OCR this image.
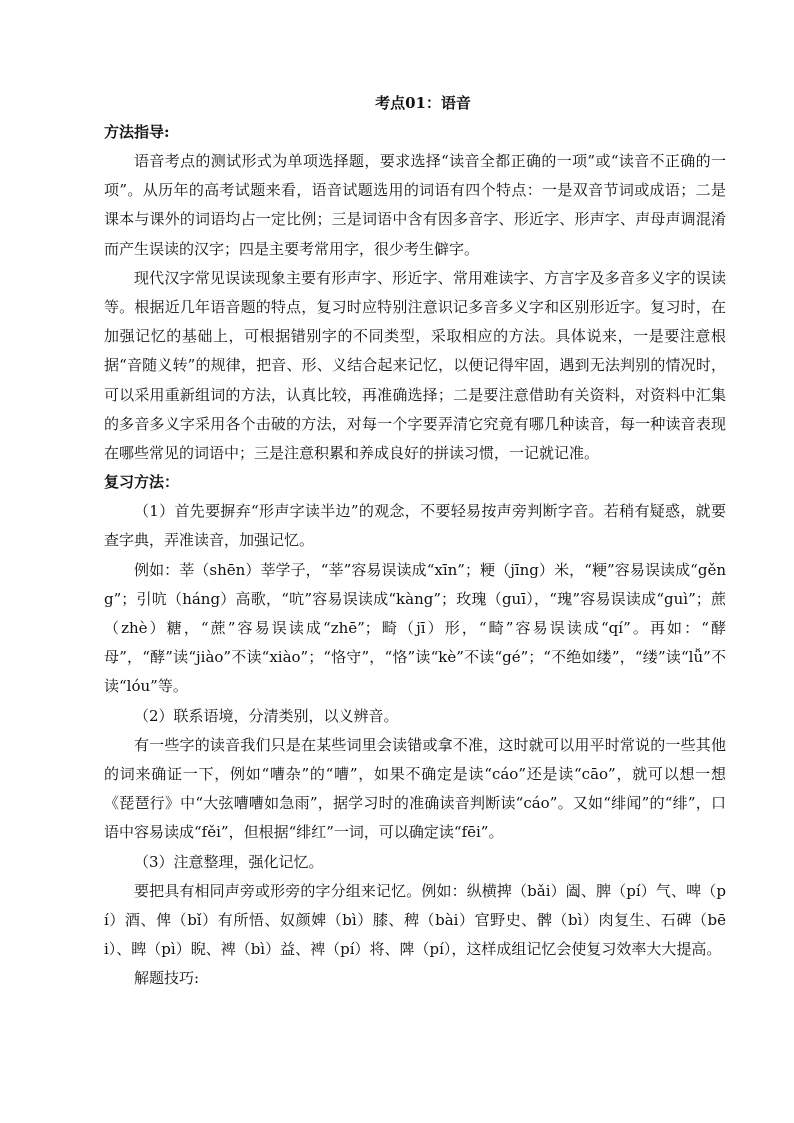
考点01：语音

方法指导:

语音考点的测试形式为单项选择题，要求选择“读音全都正确的一项”或“读音不正确的一项”。从历年的高考试题来看，语音试题选用的词语有四个特点：一是双音节词或成语；二是课本与课外的词语均占一定比例；三是词语中含有因多音字、形近字、形声字、声母声调混淆而产生误读的汉字；四是主要考常用字，很少考生僻字。

现代汉字常见误读现象主要有形声字、形近字、常用难读字、方言字及多音多义字的误读等。根据近几年语音题的特点，复习时应特别注意识记多音多义字和区别形近字。复习时，在加强记忆的基础上，可根据错别字的不同类型，采取相应的方法。具体说来，一是要注意根据“音随义转”的规律，把音、形、义结合起来记忆，以便记得牢固，遇到无法判别的情况时，可以采用重新组词的方法，认真比较，再准确选择；二是要注意借助有关资料，对资料中汇集的多音多义字采用各个击破的方法，对每一个字要弄清它究竟有哪几种读音，每一种读音表现在哪些常见的词语中；三是注意积累和养成良好的拼读习惯，一记就记准。

复习方法：

（1）首先要摒弃“形声字读半边”的观念，不要轻易按声旁判断字音。若稍有疑惑，就要查字典，弄准读音，加强记忆。

例如：莘（shēn）莘学子，“莘”容易误读成“xīn”；粳（jīng）米，“粳”容易误读成“gěng”；引吭（háng）高歌，“吭”容易误读成“kàng”；玫瑰（guī），“瑰”容易误读成“guì”；蔗（zhè）糖，“蔗”容易误读成“zhē”；畸（jī）形，“畸”容易误读成“qí”。再如：“酵母”，“酵”读“jiào”不读“xiào”；“恪守”，“恪”读“kè”不读“gé”；“不绝如缕”，“缕”读“lǚ”不读“lóu”等。

（2）联系语境，分清类别，以义辨音。

有一些字的读音我们只是在某些词里会读错或拿不准，这时就可以用平时常说的一些其他的词来确证一下，例如“嘈杂”的“嘈”，如果不确定是读“cáo”还是读“cāo”，就可以想一想《琵琶行》中“大弦嘈嘈如急雨”，据学习时的准确读音判断读“cáo”。又如“绯闻”的“绯”，口语中容易读成“fěi”，但根据“绯红”一词，可以确定读“fēi”。

（3）注意整理，强化记忆。

要把具有相同声旁或形旁的字分组来记忆。例如：纵横捭（bǎi）阖、脾（pí）气、啤（pí）酒、俾（bǐ）有所悟、奴颜婢（bì）膝、稗（bài）官野史、髀（bì）肉复生、石碑（bēi）、睥（pì）睨、裨（bì）益、裨（pí）将、陴（pí），这样成组记忆会使复习效率大大提高。

解题技巧:
